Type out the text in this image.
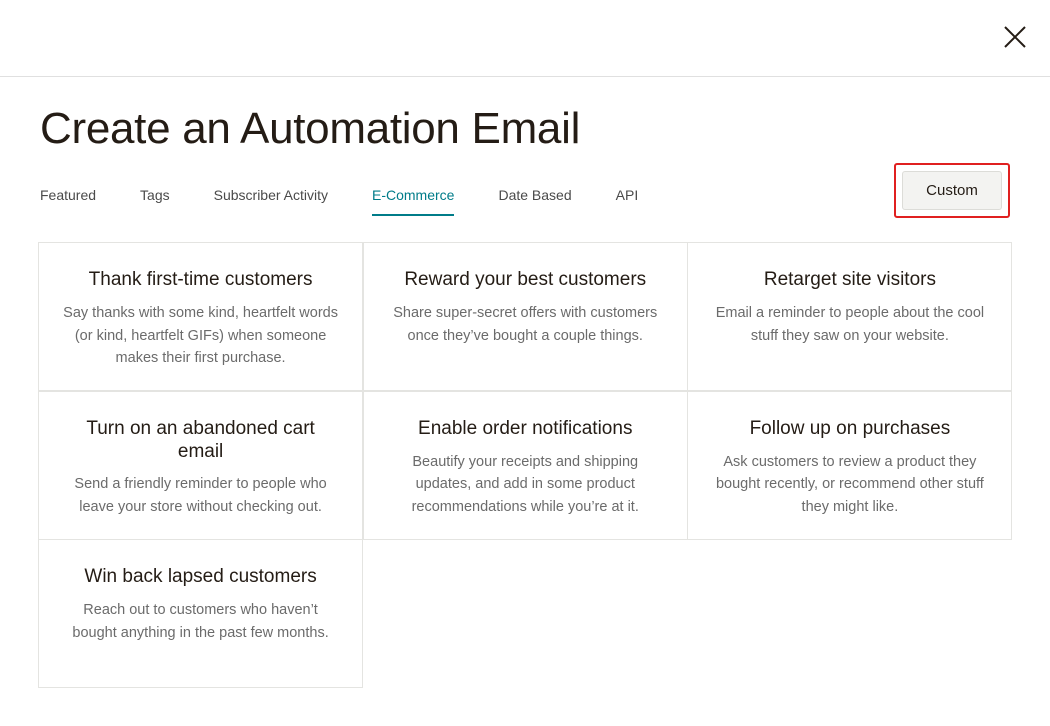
Create an Automation Email
Custom
Featured	Tags	Subscriber Activity	E-Commerce	Date Based	API
Thank first-time customers
Say thanks with some kind, heartfelt words (or kind, heartfelt GIFs) when someone makes their first purchase.
Reward your best customers
Share super-secret offers with customers once they’ve bought a couple things.
Retarget site visitors
Email a reminder to people about the cool stuff they saw on your website.
Turn on an abandoned cart email
Send a friendly reminder to people who leave your store without checking out.
Enable order notifications
Beautify your receipts and shipping updates, and add in some product recommendations while you’re at it.
Follow up on purchases
Ask customers to review a product they bought recently, or recommend other stuff they might like.
Win back lapsed customers
Reach out to customers who haven’t bought anything in the past few months.
